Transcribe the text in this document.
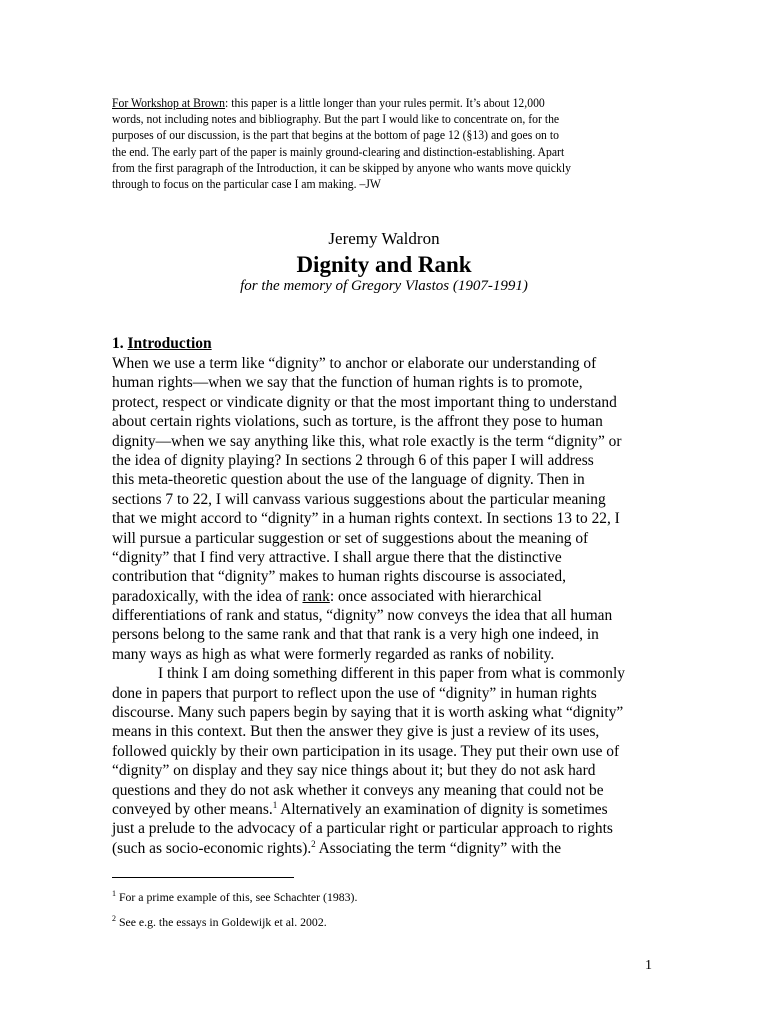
For Workshop at Brown: this paper is a little longer than your rules permit. It’s about 12,000
words, not including notes and bibliography. But the part I would like to concentrate on, for the
purposes of our discussion, is the part that begins at the bottom of page 12 (§13) and goes on to
the end. The early part of the paper is mainly ground-clearing and distinction-establishing. Apart
from the first paragraph of the Introduction, it can be skipped by anyone who wants move quickly
through to focus on the particular case I am making. –JW
Jeremy Waldron
Dignity and Rank
for the memory of Gregory Vlastos (1907-1991)
1. Introduction
When we use a term like “dignity” to anchor or elaborate our understanding of
human rights—when we say that the function of human rights is to promote,
protect, respect or vindicate dignity or that the most important thing to understand
about certain rights violations, such as torture, is the affront they pose to human
dignity—when we say anything like this, what role exactly is the term “dignity” or
the idea of dignity playing? In sections 2 through 6 of this paper I will address
this meta-theoretic question about the use of the language of dignity. Then in
sections 7 to 22, I will canvass various suggestions about the particular meaning
that we might accord to “dignity” in a human rights context. In sections 13 to 22, I
will pursue a particular suggestion or set of suggestions about the meaning of
“dignity” that I find very attractive. I shall argue there that the distinctive
contribution that “dignity” makes to human rights discourse is associated,
paradoxically, with the idea of rank: once associated with hierarchical
differentiations of rank and status, “dignity” now conveys the idea that all human
persons belong to the same rank and that that rank is a very high one indeed, in
many ways as high as what were formerly regarded as ranks of nobility.
I think I am doing something different in this paper from what is commonly
done in papers that purport to reflect upon the use of “dignity” in human rights
discourse. Many such papers begin by saying that it is worth asking what “dignity”
means in this context. But then the answer they give is just a review of its uses,
followed quickly by their own participation in its usage. They put their own use of
“dignity” on display and they say nice things about it; but they do not ask hard
questions and they do not ask whether it conveys any meaning that could not be
conveyed by other means.$^1$ Alternatively an examination of dignity is sometimes
just a prelude to the advocacy of a particular right or particular approach to rights
(such as socio-economic rights).$^2$ Associating the term “dignity” with the
$^1$ For a prime example of this, see Schachter (1983).
$^2$ See e.g. the essays in Goldewijk et al. 2002.
1
